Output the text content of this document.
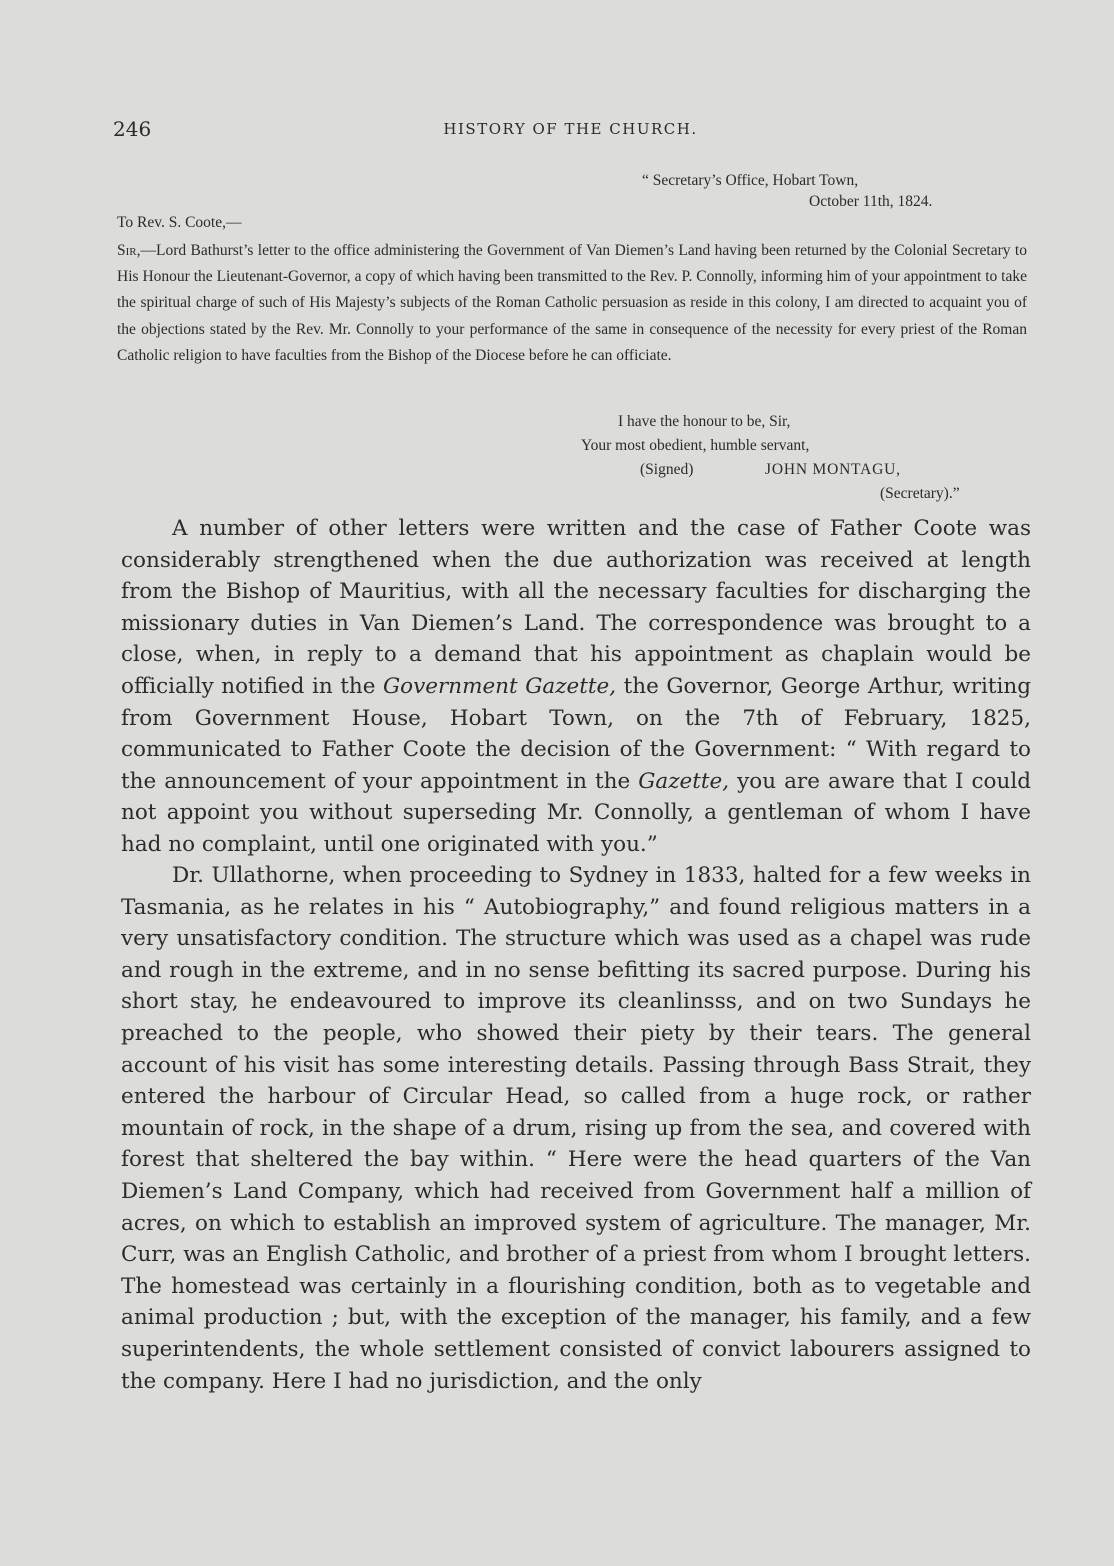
246	HISTORY OF THE CHURCH.
“ Secretary’s Office, Hobart Town,
October 11th, 1824.
To Rev. S. Coote,—
Sir,—Lord Bathurst’s letter to the office administering the Government of Van Diemen’s Land having been returned by the Colonial Secretary to His Honour the Lieutenant-Governor, a copy of which having been transmitted to the Rev. P. Connolly, informing him of your appointment to take the spiritual charge of such of His Majesty’s subjects of the Roman Catholic persuasion as reside in this colony, I am directed to acquaint you of the objections stated by the Rev. Mr. Connolly to your performance of the same in consequence of the necessity for every priest of the Roman Catholic religion to have faculties from the Bishop of the Diocese before he can officiate.
I have the honour to be, Sir,
Your most obedient, humble servant,
(Signed)	JOHN MONTAGU,
(Secretary).”

A number of other letters were written and the case of Father Coote was considerably strengthened when the due authorization was received at length from the Bishop of Mauritius, with all the necessary faculties for discharging the missionary duties in Van Diemen’s Land. The correspondence was brought to a close, when, in reply to a demand that his appointment as chaplain would be officially notified in the Government Gazette, the Governor, George Arthur, writing from Government House, Hobart Town, on the 7th of February, 1825, communicated to Father Coote the decision of the Government: “ With regard to the announcement of your appointment in the Gazette, you are aware that I could not appoint you without superseding Mr. Connolly, a gentleman of whom I have had no complaint, until one originated with you.”

Dr. Ullathorne, when proceeding to Sydney in 1833, halted for a few weeks in Tasmania, as he relates in his “ Autobiography,” and found religious matters in a very unsatisfactory condition. The structure which was used as a chapel was rude and rough in the extreme, and in no sense befitting its sacred purpose. During his short stay, he endeavoured to improve its cleanlinsss, and on two Sundays he preached to the people, who showed their piety by their tears. The general account of his visit has some interesting details. Passing through Bass Strait, they entered the harbour of Circular Head, so called from a huge rock, or rather mountain of rock, in the shape of a drum, rising up from the sea, and covered with forest that sheltered the bay within. “ Here were the head quarters of the Van Diemen’s Land Company, which had received from Government half a million of acres, on which to establish an improved system of agriculture. The manager, Mr. Curr, was an English Catholic, and brother of a priest from whom I brought letters. The homestead was certainly in a flourishing condition, both as to vegetable and animal production ; but, with the exception of the manager, his family, and a few superintendents, the whole settlement consisted of convict labourers assigned to the company. Here I had no jurisdiction, and the only
